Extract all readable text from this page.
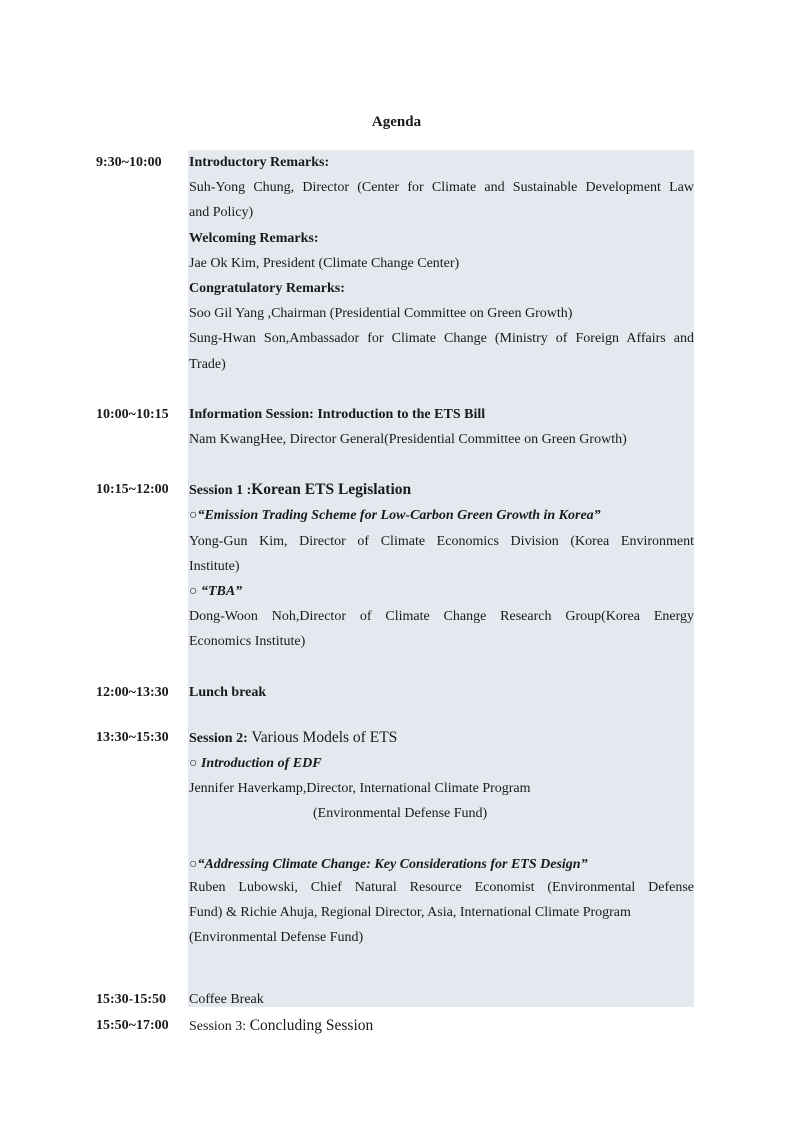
Agenda
9:30~10:00	Introductory Remarks:
Suh-Yong Chung, Director (Center for Climate and Sustainable Development Law
and Policy)
Welcoming Remarks:
Jae Ok Kim, President (Climate Change Center)
Congratulatory Remarks:
Soo Gil Yang ,Chairman (Presidential Committee on Green Growth)
Sung-Hwan Son,Ambassador for Climate Change (Ministry of Foreign Affairs and
Trade)
10:00~10:15	Information Session: Introduction to the ETS Bill
Nam KwangHee, Director General(Presidential Committee on Green Growth)
10:15~12:00	Session 1 :Korean ETS Legislation
○“Emission Trading Scheme for Low-Carbon Green Growth in Korea”
Yong-Gun Kim, Director of Climate Economics Division (Korea Environment
Institute)
○ “TBA”
Dong-Woon Noh,Director of Climate Change Research Group(Korea Energy
Economics Institute)
12:00~13:30	Lunch break
13:30~15:30	Session 2: Various Models of ETS
○ Introduction of EDF
Jennifer Haverkamp,Director, International Climate Program
(Environmental Defense Fund)
○“Addressing Climate Change: Key Considerations for ETS Design”
Ruben Lubowski, Chief Natural Resource Economist (Environmental Defense
Fund) & Richie Ahuja, Regional Director, Asia, International Climate Program
(Environmental Defense Fund)
15:30-15:50	Coffee Break
15:50~17:00	Session 3: Concluding Session
